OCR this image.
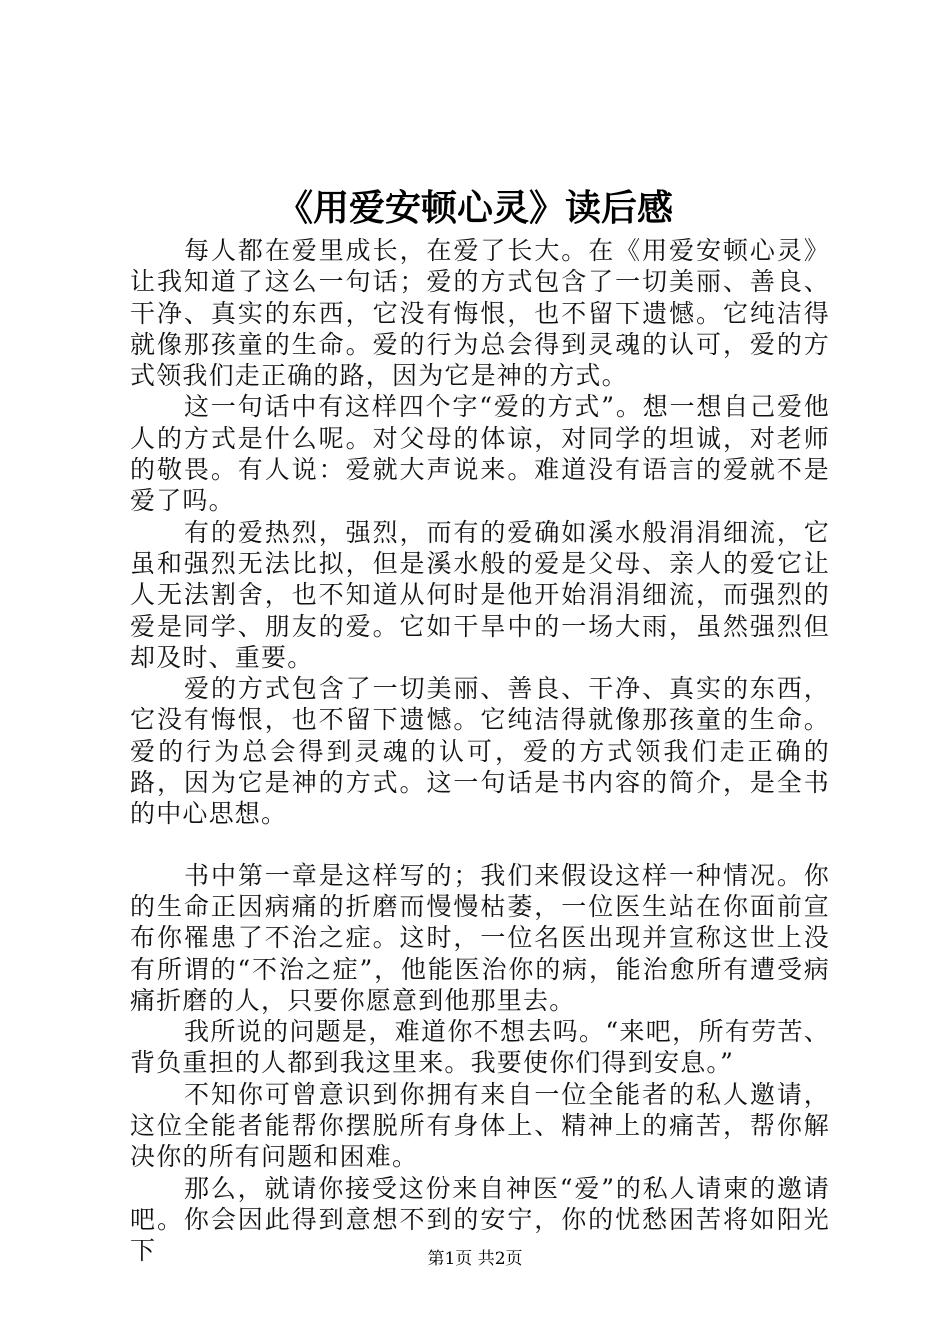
《用爱安顿心灵》读后感

每人都在爱里成长，在爱了长大。在《用爱安顿心灵》让我知道了这么一句话；爱的方式包含了一切美丽、善良、干净、真实的东西，它没有悔恨，也不留下遗憾。它纯洁得就像那孩童的生命。爱的行为总会得到灵魂的认可，爱的方式领我们走正确的路，因为它是神的方式。

这一句话中有这样四个字“爱的方式”。想一想自己爱他人的方式是什么呢。对父母的体谅，对同学的坦诚，对老师的敬畏。有人说：爱就大声说来。难道没有语言的爱就不是爱了吗。

有的爱热烈，强烈，而有的爱确如溪水般涓涓细流，它虽和强烈无法比拟，但是溪水般的爱是父母、亲人的爱它让人无法割舍，也不知道从何时是他开始涓涓细流，而强烈的爱是同学、朋友的爱。它如干旱中的一场大雨，虽然强烈但却及时、重要。

爱的方式包含了一切美丽、善良、干净、真实的东西，它没有悔恨，也不留下遗憾。它纯洁得就像那孩童的生命。爱的行为总会得到灵魂的认可，爱的方式领我们走正确的路，因为它是神的方式。这一句话是书内容的简介，是全书的中心思想。

书中第一章是这样写的；我们来假设这样一种情况。你的生命正因病痛的折磨而慢慢枯萎，一位医生站在你面前宣布你罹患了不治之症。这时，一位名医出现并宣称这世上没有所谓的“不治之症”，他能医治你的病，能治愈所有遭受病痛折磨的人，只要你愿意到他那里去。

我所说的问题是，难道你不想去吗。“来吧，所有劳苦、背负重担的人都到我这里来。我要使你们得到安息。”

不知你可曾意识到你拥有来自一位全能者的私人邀请，这位全能者能帮你摆脱所有身体上、精神上的痛苦，帮你解决你的所有问题和困难。

那么，就请你接受这份来自神医“爱”的私人请柬的邀请吧。你会因此得到意想不到的安宁，你的忧愁困苦将如阳光下	第1页 共2页
